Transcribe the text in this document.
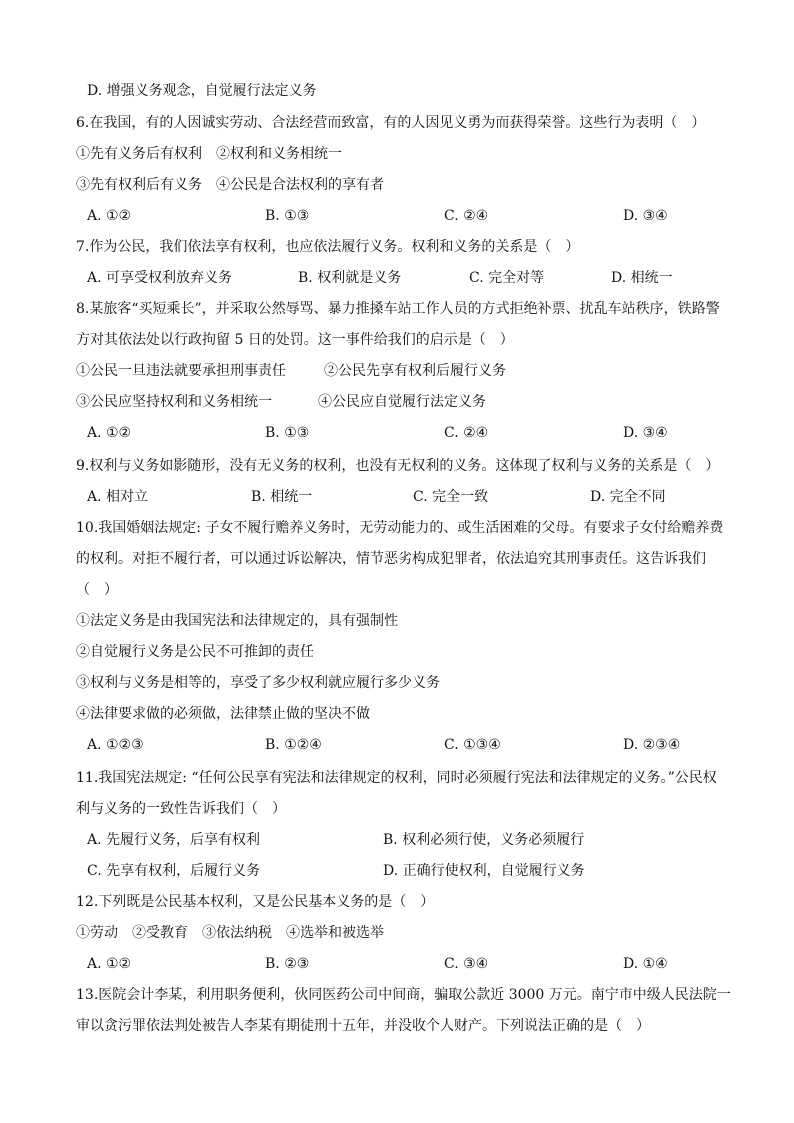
D. 增强义务观念，自觉履行法定义务
6.在我国，有的人因诚实劳动、合法经营而致富，有的人因见义勇为而获得荣誉。这些行为表明（　）
①先有义务后有权利　②权利和义务相统一
③先有权利后有义务　④公民是合法权利的享有者
A. ①②	B. ①③	C. ②④	D. ③④
7.作为公民，我们依法享有权利，也应依法履行义务。权利和义务的关系是（　）
A. 可享受权利放弃义务	B. 权利就是义务	C. 完全对等	D. 相统一
8.某旅客“买短乘长”，并采取公然辱骂、暴力推搡车站工作人员的方式拒绝补票、扰乱车站秩序，铁路警
方对其依法处以行政拘留 5 日的处罚。这一事件给我们的启示是（　）
①公民一旦违法就要承担刑事责任	②公民先享有权利后履行义务
③公民应坚持权利和义务相统一	④公民应自觉履行法定义务
A. ①②	B. ①③	C. ②④	D. ③④
9.权利与义务如影随形，没有无义务的权利，也没有无权利的义务。这体现了权利与义务的关系是（　）
A. 相对立	B. 相统一	C. 完全一致	D. 完全不同
10.我国婚姻法规定: 子女不履行赡养义务时，无劳动能力的、或生活困难的父母。有要求子女付给赡养费
的权利。对拒不履行者，可以通过诉讼解决，情节恶劣构成犯罪者，依法追究其刑事责任。这告诉我们
（　）
①法定义务是由我国宪法和法律规定的，具有强制性
②自觉履行义务是公民不可推卸的责任
③权利与义务是相等的，享受了多少权利就应履行多少义务
④法律要求做的必须做，法律禁止做的坚决不做
A. ①②③	B. ①②④	C. ①③④	D. ②③④
11.我国宪法规定: “任何公民享有宪法和法律规定的权利，同时必须履行宪法和法律规定的义务。”公民权
利与义务的一致性告诉我们（　）
A. 先履行义务，后享有权利	B. 权利必须行使，义务必须履行
C. 先享有权利，后履行义务	D. 正确行使权利，自觉履行义务
12.下列既是公民基本权利，又是公民基本义务的是（　）
①劳动　②受教育　③依法纳税　④选举和被选举
A. ①②	B. ②③	C. ③④	D. ①④
13.医院会计李某，利用职务便利，伙同医药公司中间商，骗取公款近 3000 万元。南宁市中级人民法院一
审以贪污罪依法判处被告人李某有期徒刑十五年，并没收个人财产。下列说法正确的是（　）
